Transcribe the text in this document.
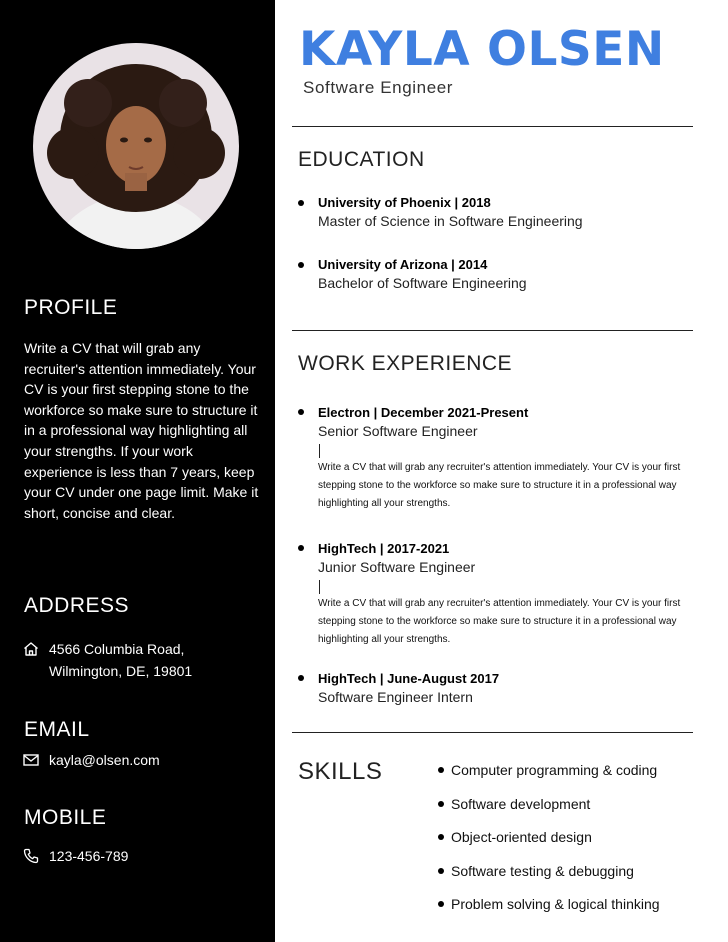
PROFILE
Write a CV that will grab any recruiter's attention immediately. Your CV is your first stepping stone to the workforce so make sure to structure it in a professional way highlighting all your strengths. If your work experience is less than 7 years, keep your CV under one page limit. Make it short, concise and clear.
ADDRESS
4566 Columbia Road,
Wilmington, DE, 19801
EMAIL
kayla@olsen.com
MOBILE
123-456-789
KAYLA OLSEN
Software Engineer
EDUCATION
University of Phoenix | 2018
Master of Science in Software Engineering
University of Arizona | 2014
Bachelor of Software Engineering
WORK EXPERIENCE
Electron | December 2021-Present
Senior Software Engineer
Write a CV that will grab any recruiter's attention immediately. Your CV is your first stepping stone to the workforce so make sure to structure it in a professional way highlighting all your strengths.
HighTech | 2017-2021
Junior Software Engineer
Write a CV that will grab any recruiter's attention immediately. Your CV is your first stepping stone to the workforce so make sure to structure it in a professional way highlighting all your strengths.
HighTech | June-August 2017
Software Engineer Intern
SKILLS	Computer programming & coding
Software development
Object-oriented design
Software testing & debugging
Problem solving & logical thinking
